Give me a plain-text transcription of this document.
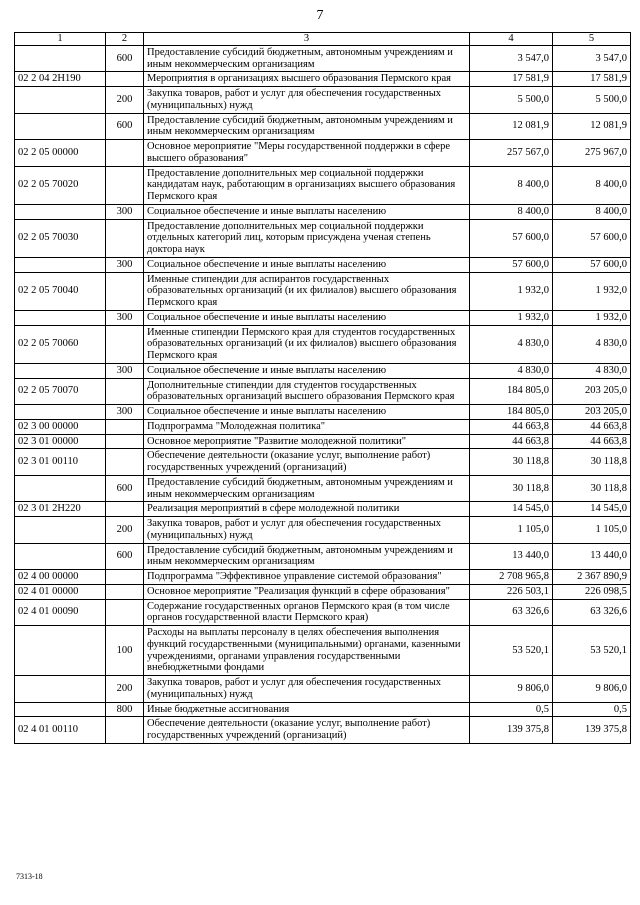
7
1	2	3	4	5
	600	Предоставление субсидий бюджетным, автономным учреждениям и иным некоммерческим организациям	3 547,0	3 547,0
02 2 04 2Н190		Мероприятия в организациях высшего образования Пермского края	17 581,9	17 581,9
	200	Закупка товаров, работ и услуг для обеспечения государственных (муниципальных) нужд	5 500,0	5 500,0
	600	Предоставление субсидий бюджетным, автономным учреждениям и иным некоммерческим организациям	12 081,9	12 081,9
02 2 05 00000		Основное мероприятие "Меры государственной поддержки в сфере высшего образования"	257 567,0	275 967,0
02 2 05 70020		Предоставление дополнительных мер социальной поддержки кандидатам наук, работающим в организациях высшего образования Пермского края	8 400,0	8 400,0
	300	Социальное обеспечение и иные выплаты населению	8 400,0	8 400,0
02 2 05 70030		Предоставление дополнительных мер социальной поддержки отдельных категорий лиц, которым присуждена ученая степень доктора наук	57 600,0	57 600,0
	300	Социальное обеспечение и иные выплаты населению	57 600,0	57 600,0
02 2 05 70040		Именные стипендии для аспирантов государственных образовательных организаций (и их филиалов) высшего образования Пермского края	1 932,0	1 932,0
	300	Социальное обеспечение и иные выплаты населению	1 932,0	1 932,0
02 2 05 70060		Именные стипендии Пермского края для студентов государственных образовательных организаций (и их филиалов) высшего образования Пермского края	4 830,0	4 830,0
	300	Социальное обеспечение и иные выплаты населению	4 830,0	4 830,0
02 2 05 70070		Дополнительные стипендии для студентов государственных образовательных организаций высшего образования Пермского края	184 805,0	203 205,0
	300	Социальное обеспечение и иные выплаты населению	184 805,0	203 205,0
02 3 00 00000		Подпрограмма "Молодежная политика"	44 663,8	44 663,8
02 3 01 00000		Основное мероприятие "Развитие молодежной политики"	44 663,8	44 663,8
02 3 01 00110		Обеспечение деятельности (оказание услуг, выполнение работ) государственных учреждений (организаций)	30 118,8	30 118,8
	600	Предоставление субсидий бюджетным, автономным учреждениям и иным некоммерческим организациям	30 118,8	30 118,8
02 3 01 2Н220		Реализация мероприятий в сфере молодежной политики	14 545,0	14 545,0
	200	Закупка товаров, работ и услуг для обеспечения государственных (муниципальных) нужд	1 105,0	1 105,0
	600	Предоставление субсидий бюджетным, автономным учреждениям и иным некоммерческим организациям	13 440,0	13 440,0
02 4 00 00000		Подпрограмма "Эффективное управление системой образования"	2 708 965,8	2 367 890,9
02 4 01 00000		Основное мероприятие "Реализация функций в сфере образования"	226 503,1	226 098,5
02 4 01 00090		Содержание государственных органов Пермского края (в том числе органов государственной власти Пермского края)	63 326,6	63 326,6
	100	Расходы на выплаты персоналу в целях обеспечения выполнения функций государственными (муниципальными) органами, казенными учреждениями, органами управления государственными внебюджетными фондами	53 520,1	53 520,1
	200	Закупка товаров, работ и услуг для обеспечения государственных (муниципальных) нужд	9 806,0	9 806,0
	800	Иные бюджетные ассигнования	0,5	0,5
02 4 01 00110		Обеспечение деятельности (оказание услуг, выполнение работ) государственных учреждений (организаций)	139 375,8	139 375,8
7313-18
